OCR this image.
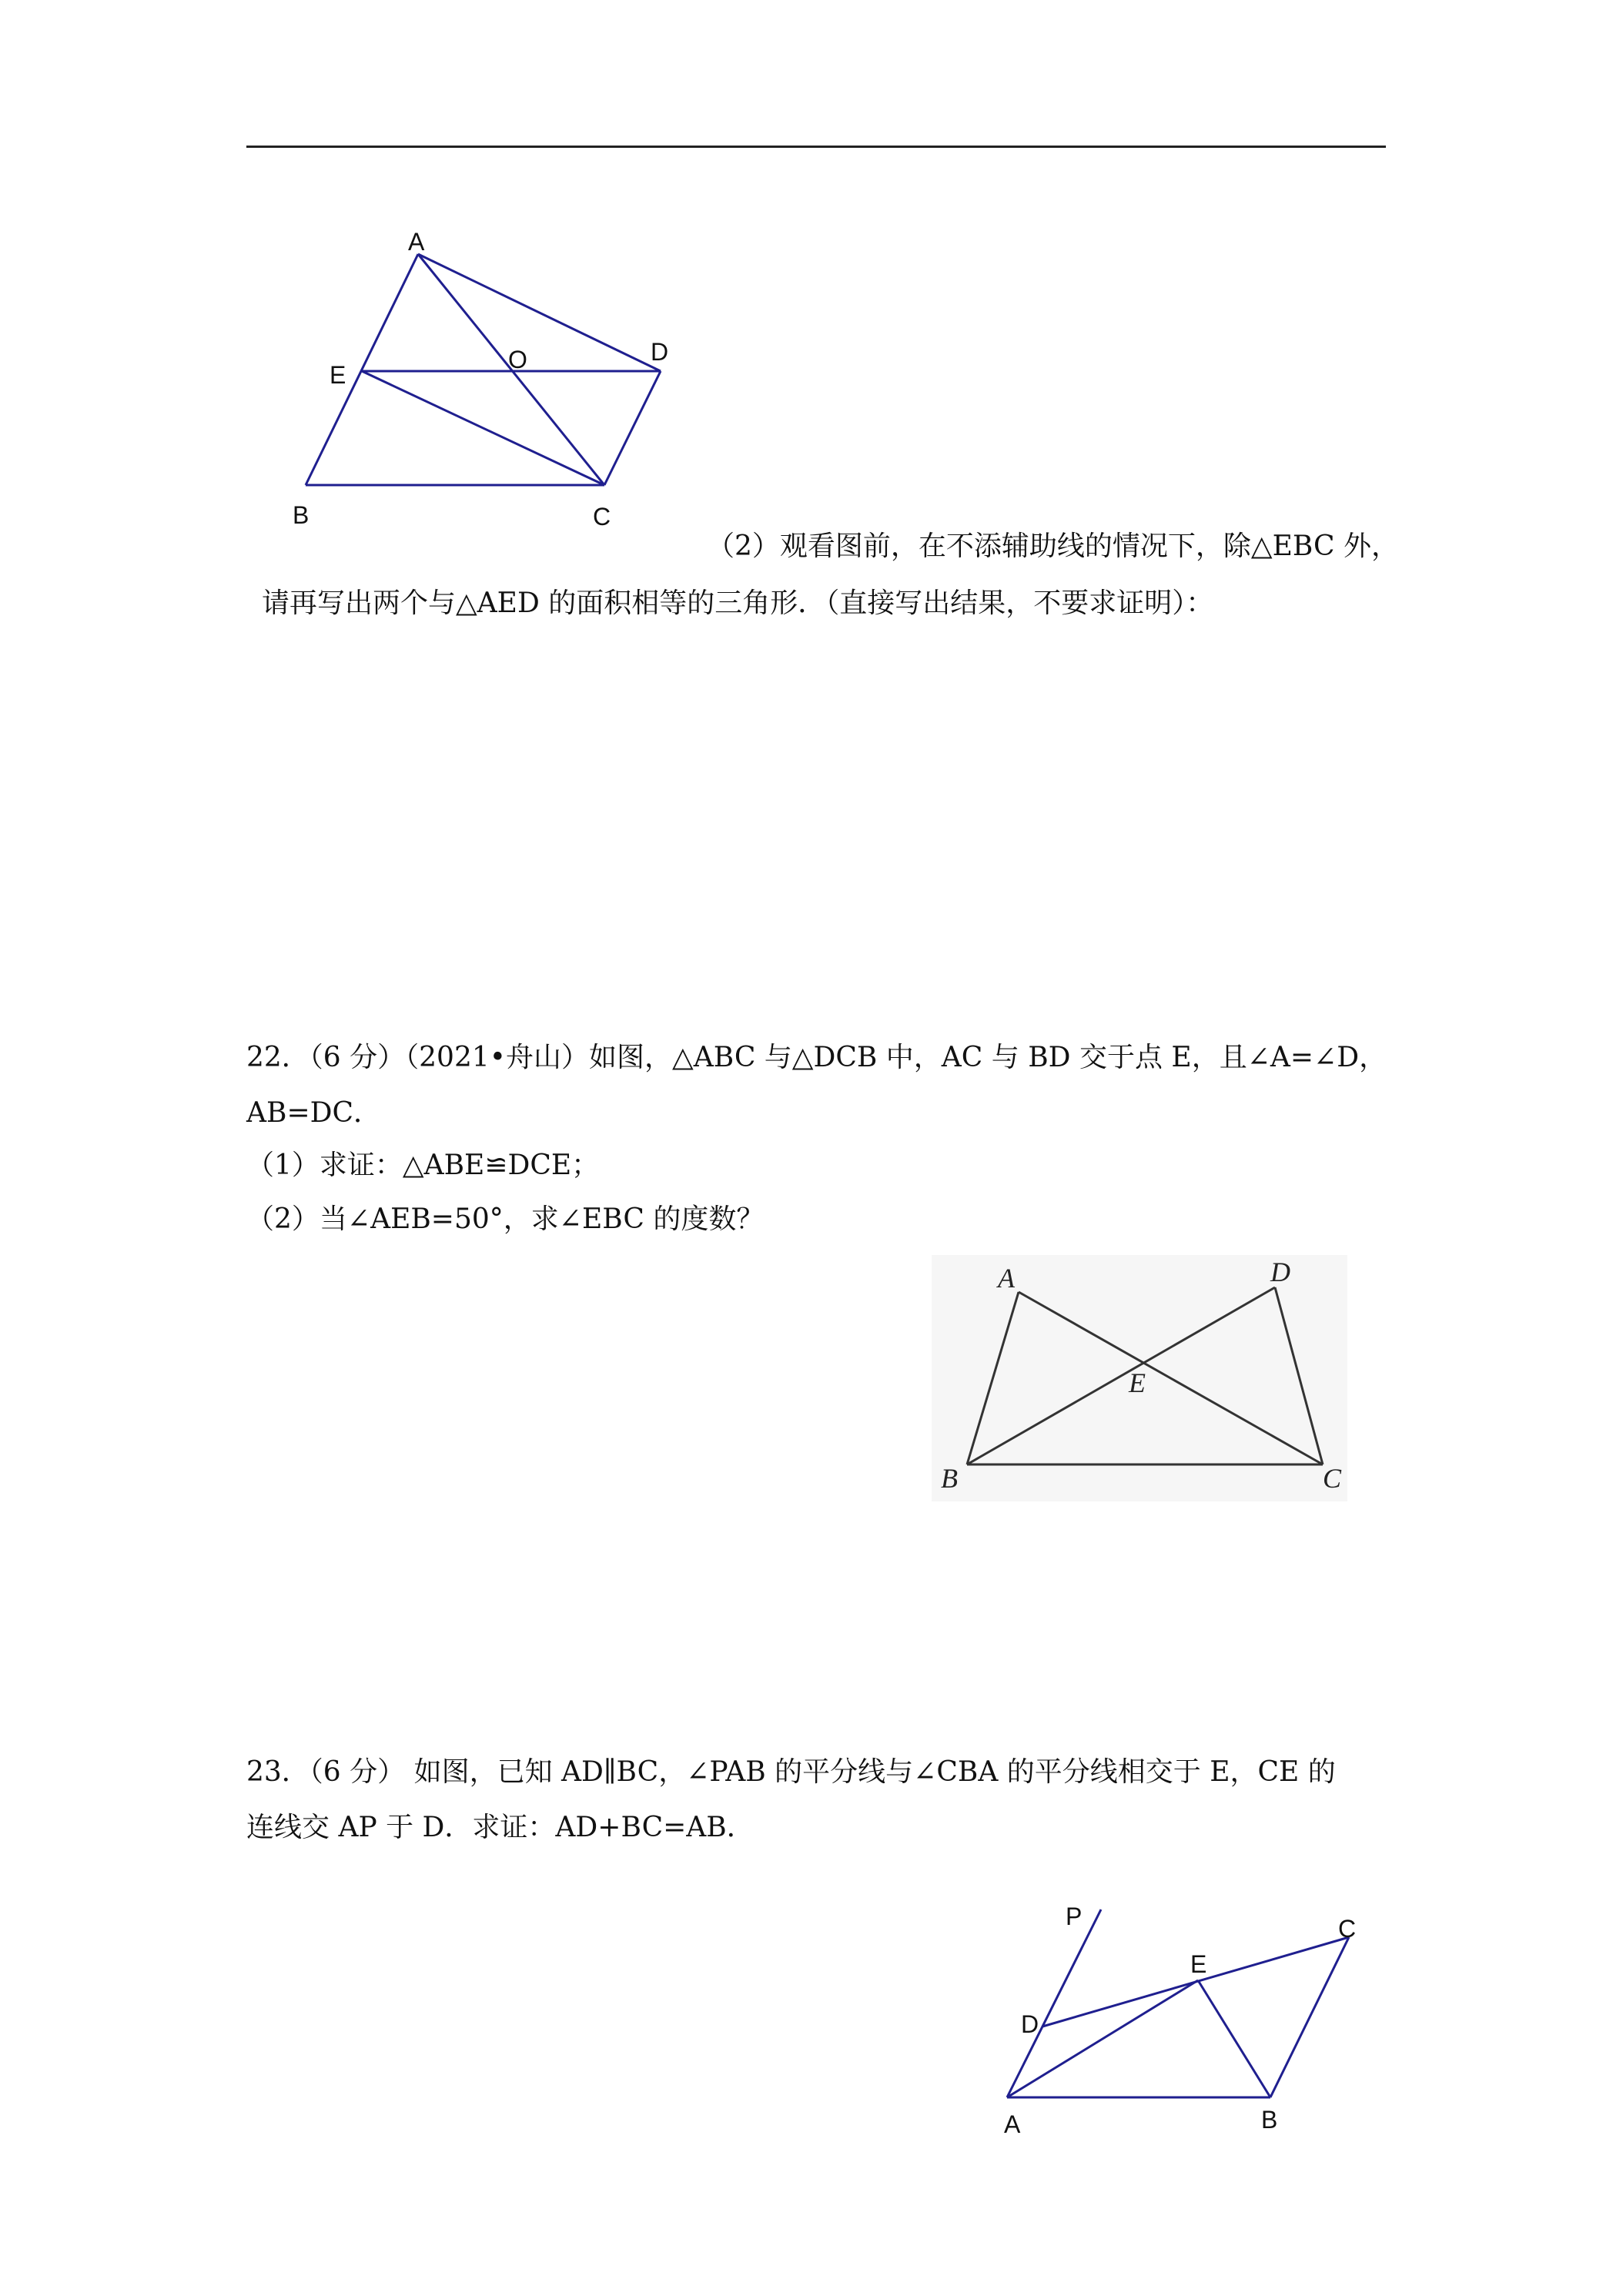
A
B	C
D
E
O
（2）观看图前，在不添辅助线的情况下，除△EBC 外，
请再写出两个与△AED 的面积相等的三角形．（直接写出结果，不要求证明）：
22．（6 分）（2021•舟山）如图，△ABC 与△DCB 中，AC 与 BD 交于点 E，且∠A=∠D，
AB=DC．
（1）求证：△ABE≌DCE；
（2）当∠AEB=50°，求∠EBC 的度数？
A	D
E
B	C
23．（6 分） 如图，已知 AD∥BC，∠PAB 的平分线与∠CBA 的平分线相交于 E，CE 的
连线交 AP 于 D．求证：AD+BC=AB．
P	C
E
D
A	B
